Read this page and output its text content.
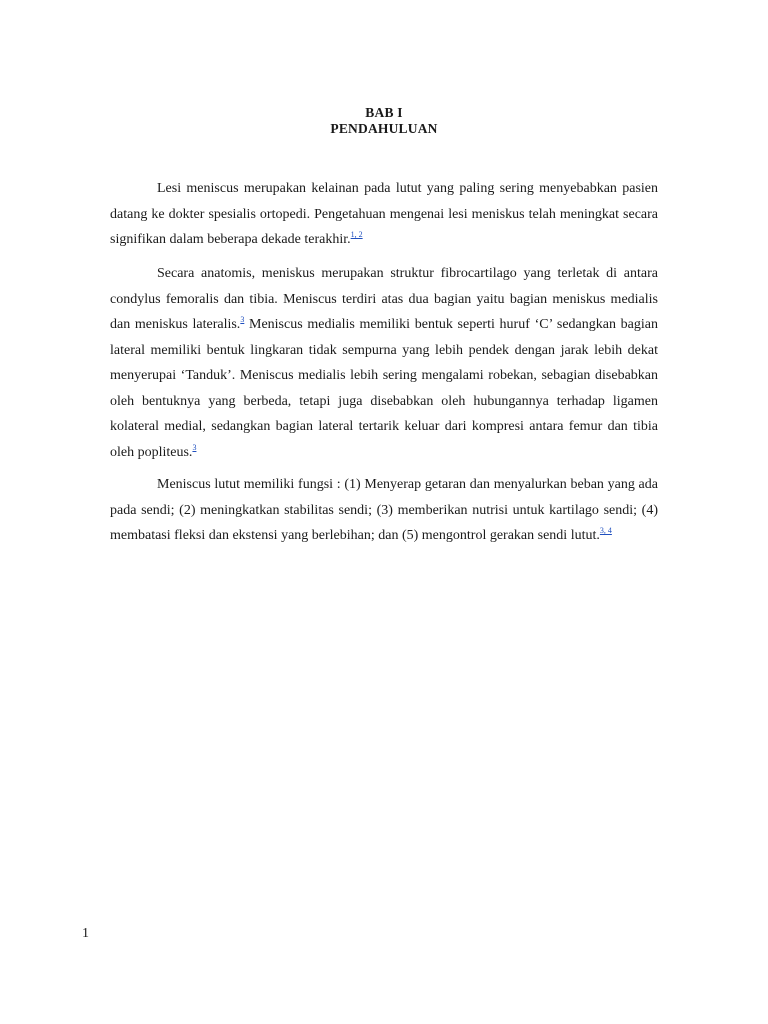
BAB I
PENDAHULUAN

Lesi meniscus merupakan kelainan pada lutut yang paling sering menyebabkan pasien datang ke dokter spesialis ortopedi. Pengetahuan mengenai lesi meniskus telah meningkat secara signifikan dalam beberapa dekade terakhir.$^{1, 2}$

Secara anatomis, meniskus merupakan struktur fibrocartilago yang terletak di antara condylus femoralis dan tibia. Meniscus terdiri atas dua bagian yaitu bagian meniskus medialis dan meniskus lateralis.$^3$ Meniscus medialis memiliki bentuk seperti huruf ‘C’ sedangkan bagian lateral memiliki bentuk lingkaran tidak sempurna yang lebih pendek dengan jarak lebih dekat menyerupai ‘Tanduk’. Meniscus medialis lebih sering mengalami robekan, sebagian disebabkan oleh bentuknya yang berbeda, tetapi juga disebabkan oleh hubungannya terhadap ligamen kolateral medial, sedangkan bagian lateral tertarik keluar dari kompresi antara femur dan tibia oleh popliteus.$^3$

Meniscus lutut memiliki fungsi : (1) Menyerap getaran dan menyalurkan beban yang ada pada sendi; (2) meningkatkan stabilitas sendi; (3) memberikan nutrisi untuk kartilago sendi; (4) membatasi fleksi dan ekstensi yang berlebihan; dan (5) mengontrol gerakan sendi lutut.$^{3, 4}$

1
